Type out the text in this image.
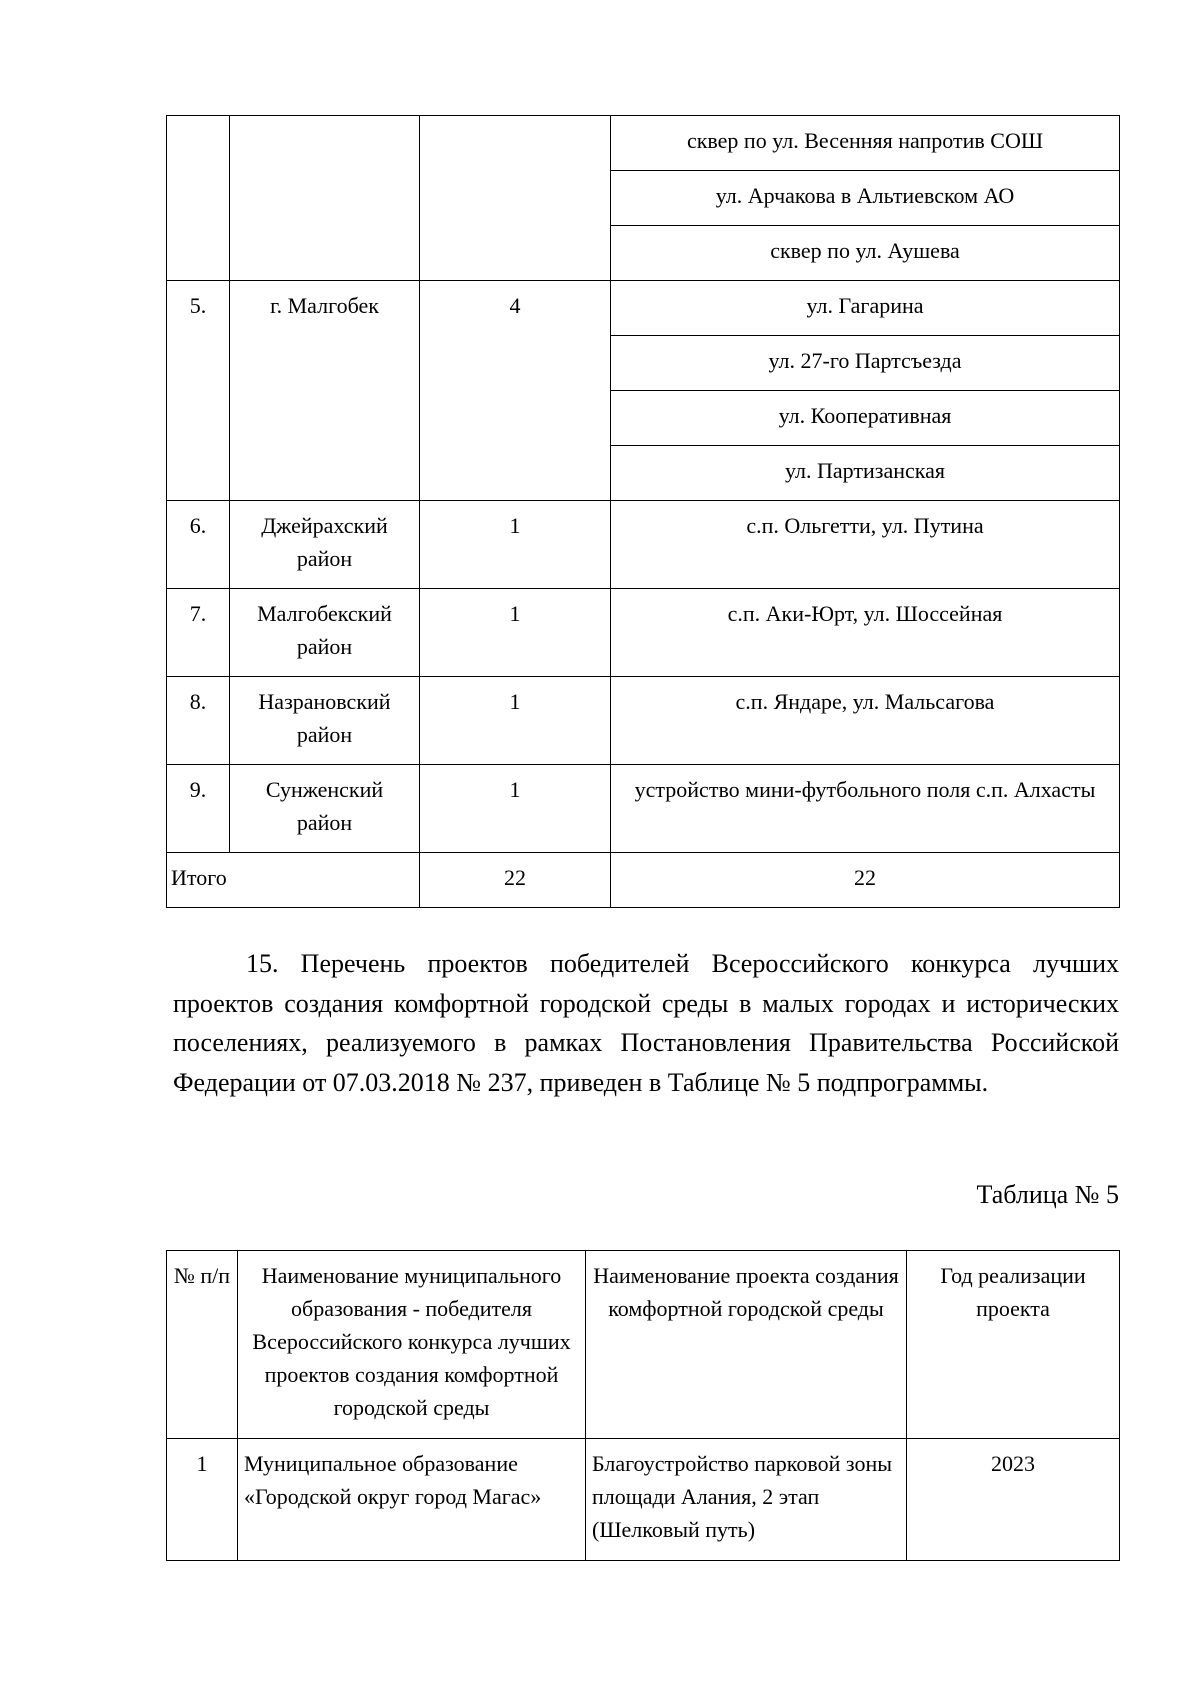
			сквер по ул. Весенняя напротив СОШ
			ул. Арчакова в Альтиевском АО
			сквер по ул. Аушева
5.	г. Малгобек	4	ул. Гагарина
			ул. 27-го Партсъезда
			ул. Кооперативная
			ул. Партизанская
6.	Джейрахский район	1	с.п. Ольгетти, ул. Путина
7.	Малгобекский район	1	с.п. Аки-Юрт, ул. Шоссейная
8.	Назрановский район	1	с.п. Яндаре, ул. Мальсагова
9.	Сунженский район	1	устройство мини-футбольного поля с.п. Алхасты
Итого		22	22

15. Перечень проектов победителей Всероссийского конкурса лучших проектов создания комфортной городской среды в малых городах и исторических поселениях, реализуемого в рамках Постановления Правительства Российской Федерации от 07.03.2018 № 237, приведен в Таблице № 5 подпрограммы.

Таблица № 5

№ п/п	Наименование муниципального образования - победителя Всероссийского конкурса лучших проектов создания комфортной городской среды	Наименование проекта создания комфортной городской среды	Год реализации проекта
1	Муниципальное образование «Городской округ город Магас»	Благоустройство парковой зоны площади Алания, 2 этап (Шелковый путь)	2023
